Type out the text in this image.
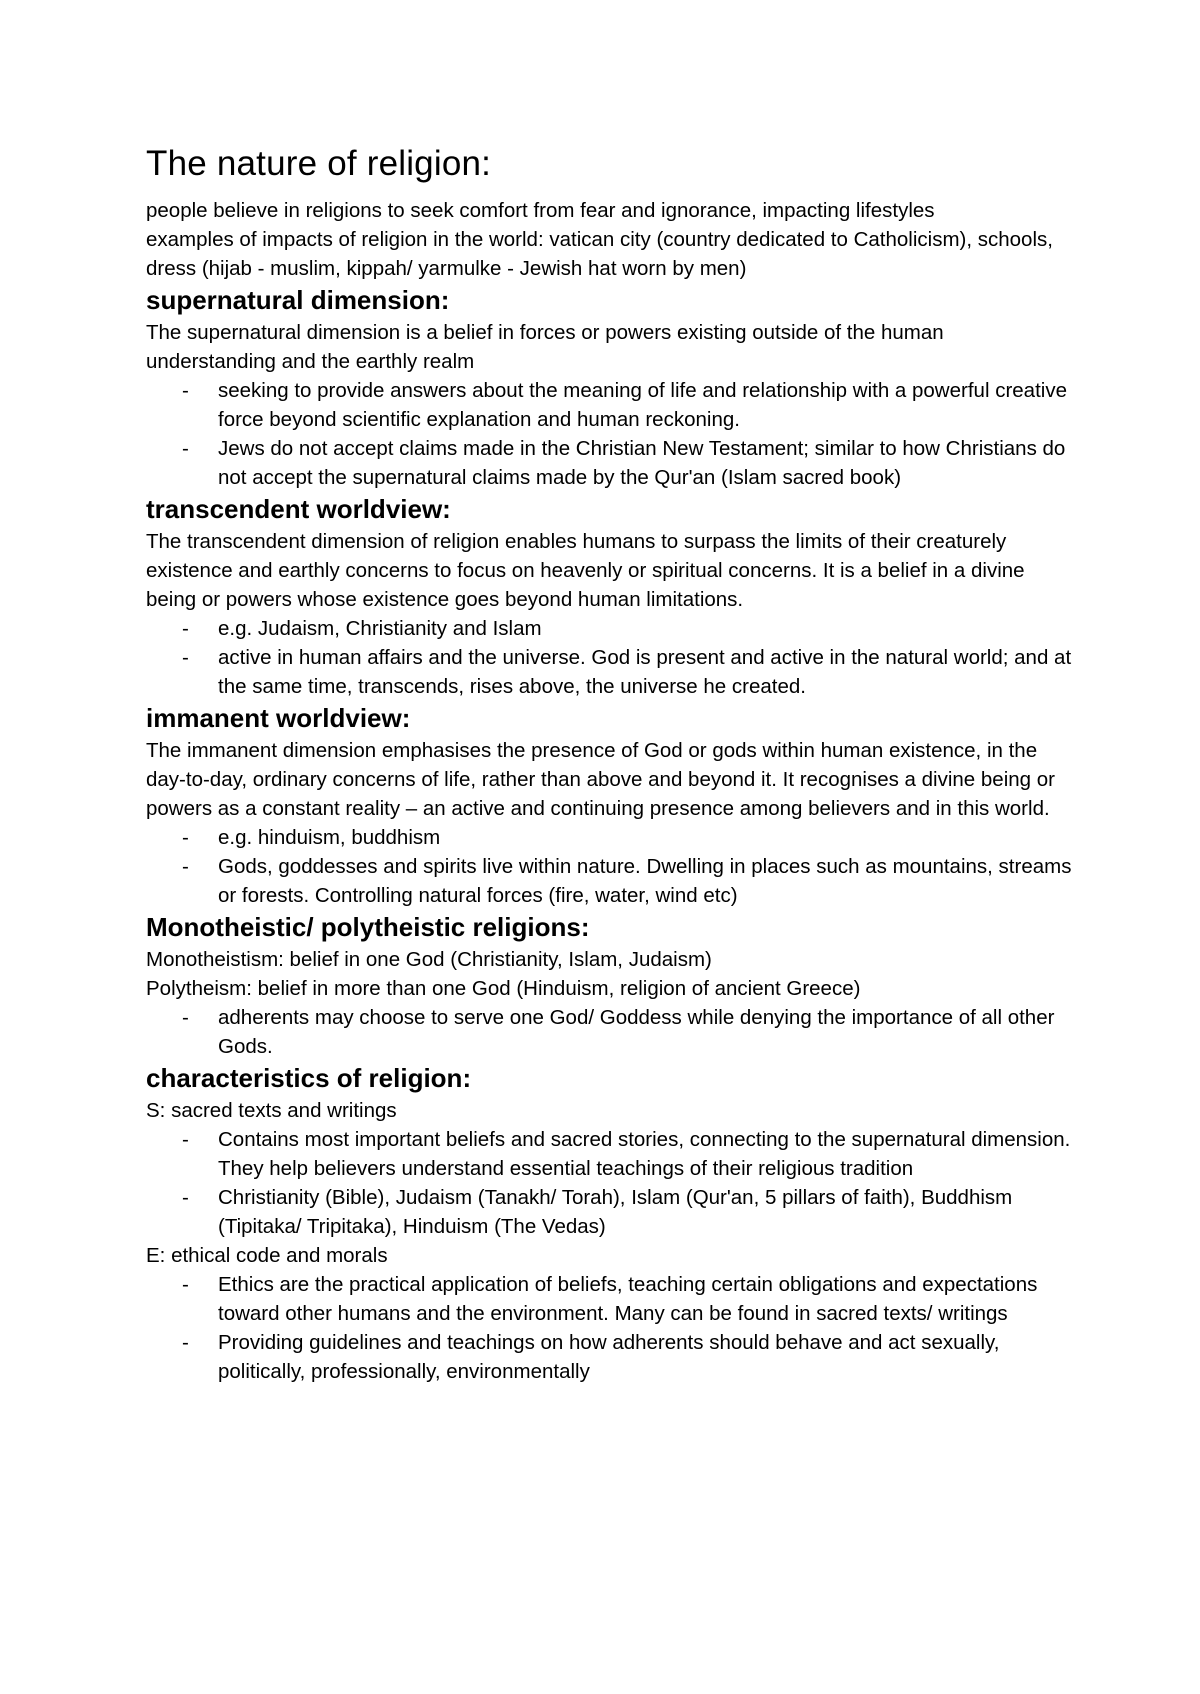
The nature of religion:

people believe in religions to seek comfort from fear and ignorance, impacting lifestyles

examples of impacts of religion in the world: vatican city (country dedicated to Catholicism), schools, dress (hijab - muslim, kippah/ yarmulke - Jewish hat worn by men)

supernatural dimension:

The supernatural dimension is a belief in forces or powers existing outside of the human understanding and the earthly realm

- seeking to provide answers about the meaning of life and relationship with a powerful creative force beyond scientific explanation and human reckoning.
- Jews do not accept claims made in the Christian New Testament; similar to how Christians do not accept the supernatural claims made by the Qur'an (Islam sacred book)
transcendent worldview:

The transcendent dimension of religion enables humans to surpass the limits of their creaturely existence and earthly concerns to focus on heavenly or spiritual concerns. It is a belief in a divine being or powers whose existence goes beyond human limitations.

- e.g. Judaism, Christianity and Islam
- active in human affairs and the universe. God is present and active in the natural world; and at the same time, transcends, rises above, the universe he created.
immanent worldview:

The immanent dimension emphasises the presence of God or gods within human existence, in the day-to-day, ordinary concerns of life, rather than above and beyond it. It recognises a divine being or powers as a constant reality – an active and continuing presence among believers and in this world.

- e.g. hinduism, buddhism
- Gods, goddesses and spirits live within nature. Dwelling in places such as mountains, streams or forests. Controlling natural forces (fire, water, wind etc)
Monotheistic/ polytheistic religions:

Monotheistism: belief in one God (Christianity, Islam, Judaism)

Polytheism: belief in more than one God (Hinduism, religion of ancient Greece)

- adherents may choose to serve one God/ Goddess while denying the importance of all other Gods.
characteristics of religion:

S: sacred texts and writings

- Contains most important beliefs and sacred stories, connecting to the supernatural dimension. They help believers understand essential teachings of their religious tradition
- Christianity (Bible), Judaism (Tanakh/ Torah), Islam (Qur'an, 5 pillars of faith), Buddhism (Tipitaka/ Tripitaka), Hinduism (The Vedas)

E: ethical code and morals

- Ethics are the practical application of beliefs, teaching certain obligations and expectations toward other humans and the environment. Many can be found in sacred texts/ writings
- Providing guidelines and teachings on how adherents should behave and act sexually, politically, professionally, environmentally
